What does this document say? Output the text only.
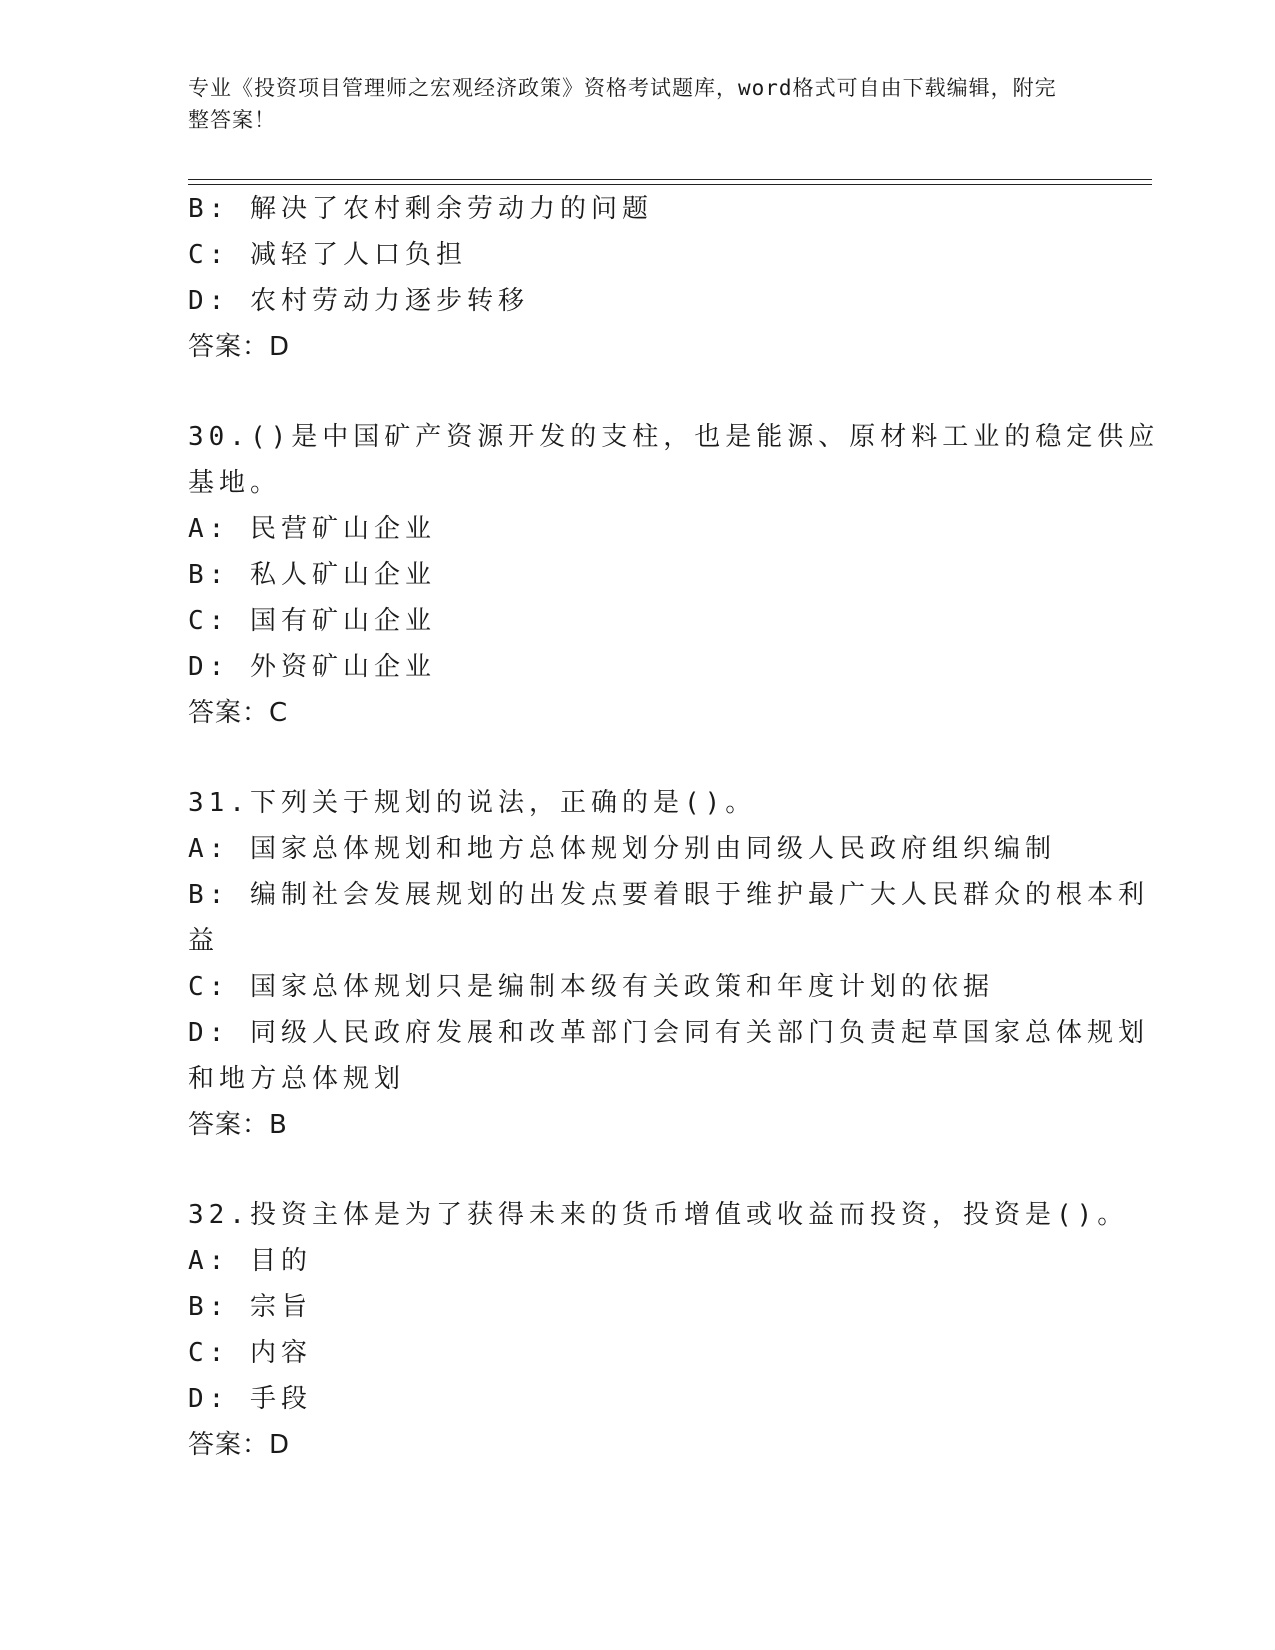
专业《投资项目管理师之宏观经济政策》资格考试题库，word格式可自由下载编辑，附完整答案！
B: 解决了农村剩余劳动力的问题
C: 减轻了人口负担
D: 农村劳动力逐步转移
答案：D
30.()是中国矿产资源开发的支柱，也是能源、原材料工业的稳定供应
基地。
A: 民营矿山企业
B: 私人矿山企业
C: 国有矿山企业
D: 外资矿山企业
答案：C
31.下列关于规划的说法，正确的是()。
A: 国家总体规划和地方总体规划分别由同级人民政府组织编制
B: 编制社会发展规划的出发点要着眼于维护最广大人民群众的根本利
益
C: 国家总体规划只是编制本级有关政策和年度计划的依据
D: 同级人民政府发展和改革部门会同有关部门负责起草国家总体规划
和地方总体规划
答案：B
32.投资主体是为了获得未来的货币增值或收益而投资，投资是()。
A: 目的
B: 宗旨
C: 内容
D: 手段
答案：D
